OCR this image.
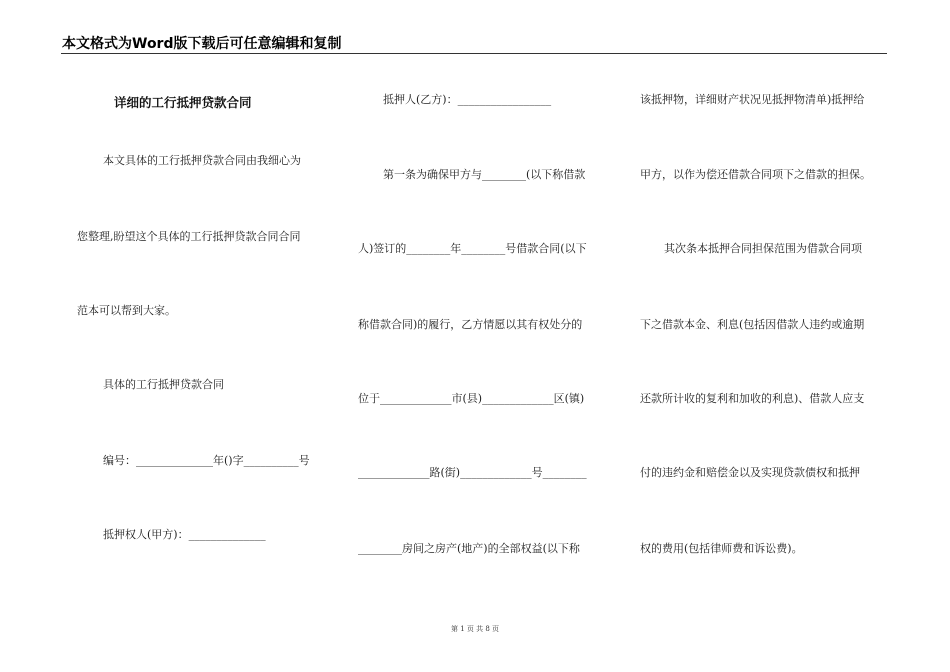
本文格式为Word版下载后可任意编辑和复制
详细的工行抵押贷款合同
本文具体的工行抵押贷款合同由我细心为
您整理,盼望这个具体的工行抵押贷款合同合同
范本可以帮到大家。
具体的工行抵押贷款合同
编号：______________年()字__________号
抵押权人(甲方)：______________
抵押人(乙方)：_________________
第一条为确保甲方与________(以下称借款
人)签订的________年________号借款合同(以下
称借款合同)的履行，乙方情愿以其有权处分的
位于_____________市(县)_____________区(镇)
_____________路(街)_____________号________
________房间之房产(地产)的全部权益(以下称
该抵押物，详细财产状况见抵押物清单)抵押给
甲方，以作为偿还借款合同项下之借款的担保。
其次条本抵押合同担保范围为借款合同项
下之借款本金、利息(包括因借款人违约或逾期
还款所计收的复利和加收的利息)、借款人应支
付的违约金和赔偿金以及实现贷款债权和抵押
权的费用(包括律师费和诉讼费)。
第 1 页 共 8 页
